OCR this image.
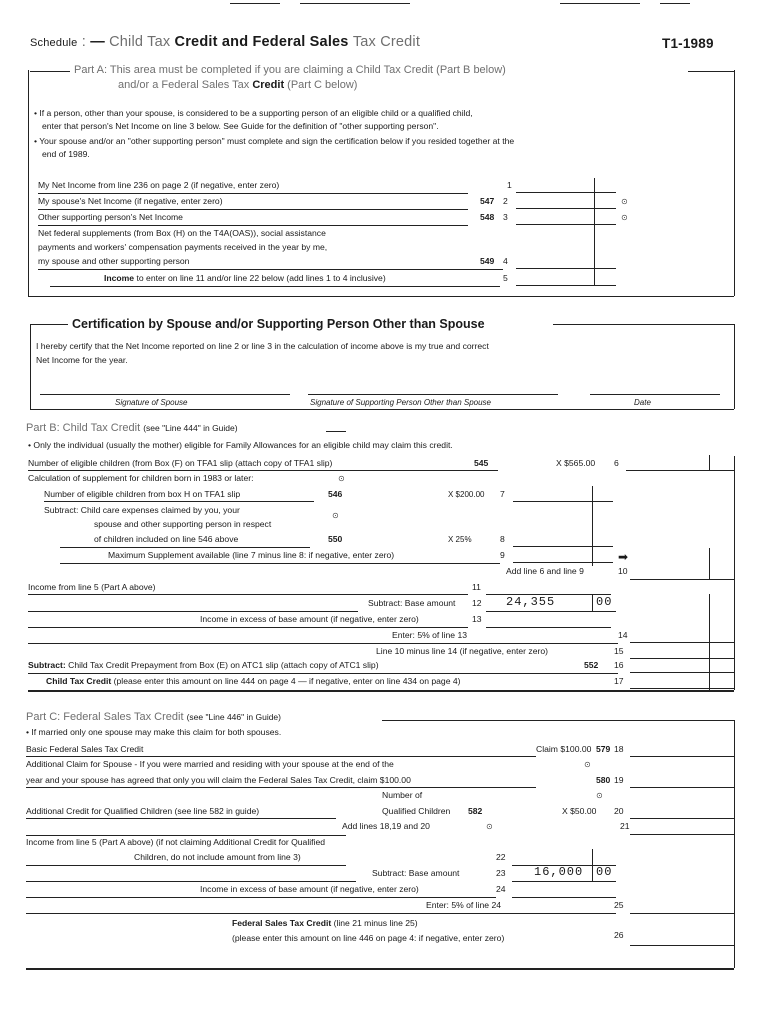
Schedule : — Child Tax Credit and Federal Sales Tax Credit	T1-1989
Part A: This area must be completed if you are claiming a Child Tax Credit (Part B below)
and/or a Federal Sales Tax Credit (Part C below)
• If a person, other than your spouse, is considered to be a supporting person of an eligible child or a qualified child,
enter that person's Net Income on line 3 below. See Guide for the definition of "other supporting person".
• Your spouse and/or an "other supporting person" must complete and sign the certification below if you resided together at the
end of 1989.
My Net Income from line 236 on page 2 (if negative, enter zero)	1
My spouse's Net Income (if negative, enter zero)	547 2	⊙
Other supporting person's Net Income	548 3	⊙
Net federal supplements (from Box (H) on the T4A(OAS)), social assistance
payments and workers' compensation payments received in the year by me,
my spouse and other supporting person	549 4
Income to enter on line 11 and/or line 22 below (add lines 1 to 4 inclusive)	5
Certification by Spouse and/or Supporting Person Other than Spouse
I hereby certify that the Net Income reported on line 2 or line 3 in the calculation of income above is my true and correct
Net Income for the year.
Signature of Spouse	Signature of Supporting Person Other than Spouse	Date
Part B: Child Tax Credit (see "Line 444" in Guide)
• Only the individual (usually the mother) eligible for Family Allowances for an eligible child may claim this credit.
Number of eligible children (from Box (F) on TFA1 slip (attach copy of TFA1 slip)	545	X $565.00 6
Calculation of supplement for children born in 1983 or later:	⊙
Number of eligible children from box H on TFA1 slip	546	X $200.00 7
Subtract: Child care expenses claimed by you, your
⊙
spouse and other supporting person in respect
of children included on line 546 above	550	X 25%	8
Maximum Supplement available (line 7 minus line 8: if negative, enter zero)	9	➡
Add line 6 and line 9	10
Income from line 5 (Part A above)	11
Subtract: Base amount 12 24,355	00
Income in excess of base amount (if negative, enter zero)	13
Enter: 5% of line 13	14
Line 10 minus line 14 (if negative, enter zero)	15
Subtract: Child Tax Credit Prepayment from Box (E) on ATC1 slip (attach copy of ATC1 slip)	552 16
Child Tax Credit (please enter this amount on line 444 on page 4 — if negative, enter on line 434 on page 4)	17
Part C: Federal Sales Tax Credit (see "Line 446" in Guide)
• If married only one spouse may make this claim for both spouses.
Basic Federal Sales Tax Credit	Claim $100.00 579 18
Additional Claim for Spouse - If you were married and residing with your spouse at the end of the	⊙
year and your spouse has agreed that only you will claim the Federal Sales Tax Credit, claim $100.00	580 19
Number of	⊙
Additional Credit for Qualified Children (see line 582 in guide)	Qualified Children 582	X $50.00 20
Add lines 18,19 and 20	⊙	21
Income from line 5 (Part A above) (if not claiming Additional Credit for Qualified
Children, do not include amount from line 3)	22
Subtract: Base amount	23 16,000 00
Income in excess of base amount (if negative, enter zero)	24
Enter: 5% of line 24	25
Federal Sales Tax Credit (line 21 minus line 25)
(please enter this amount on line 446 on page 4: if negative, enter zero)	26
